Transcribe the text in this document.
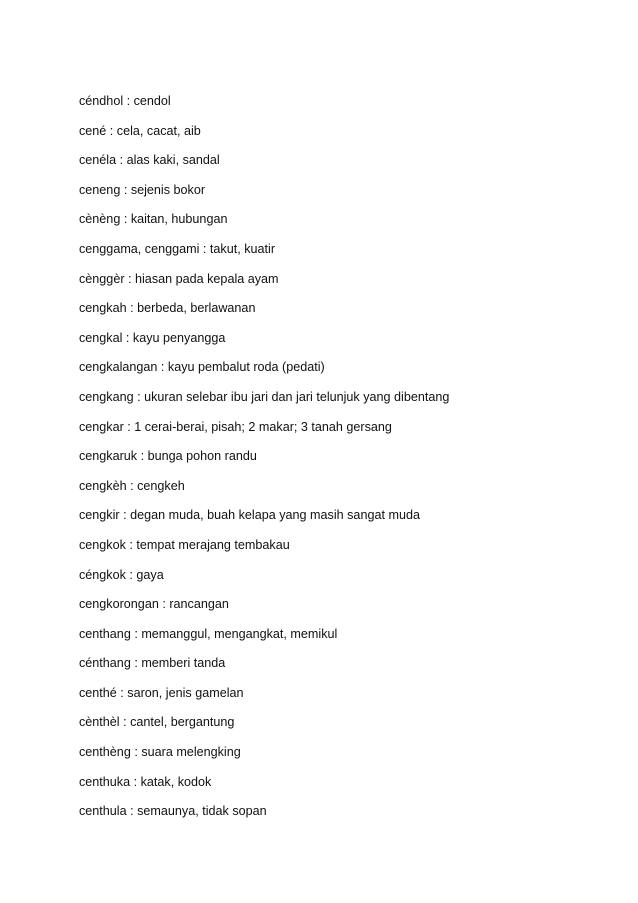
céndhol : cendol
cené : cela, cacat, aib
cenéla : alas kaki, sandal
ceneng : sejenis bokor
cènèng : kaitan, hubungan
cenggama, cenggami : takut, kuatir
cènggèr : hiasan pada kepala ayam
cengkah : berbeda, berlawanan
cengkal : kayu penyangga
cengkalangan : kayu pembalut roda (pedati)
cengkang : ukuran selebar ibu jari dan jari telunjuk yang dibentang
cengkar : 1 cerai-berai, pisah; 2 makar; 3 tanah gersang
cengkaruk : bunga pohon randu
cengkèh : cengkeh
cengkir : degan muda, buah kelapa yang masih sangat muda
cengkok : tempat merajang tembakau
céngkok : gaya
cengkorongan : rancangan
centhang : memanggul, mengangkat, memikul
cénthang : memberi tanda
centhé : saron, jenis gamelan
cènthèl : cantel, bergantung
centhèng : suara melengking
centhuka : katak, kodok
centhula : semaunya, tidak sopan
